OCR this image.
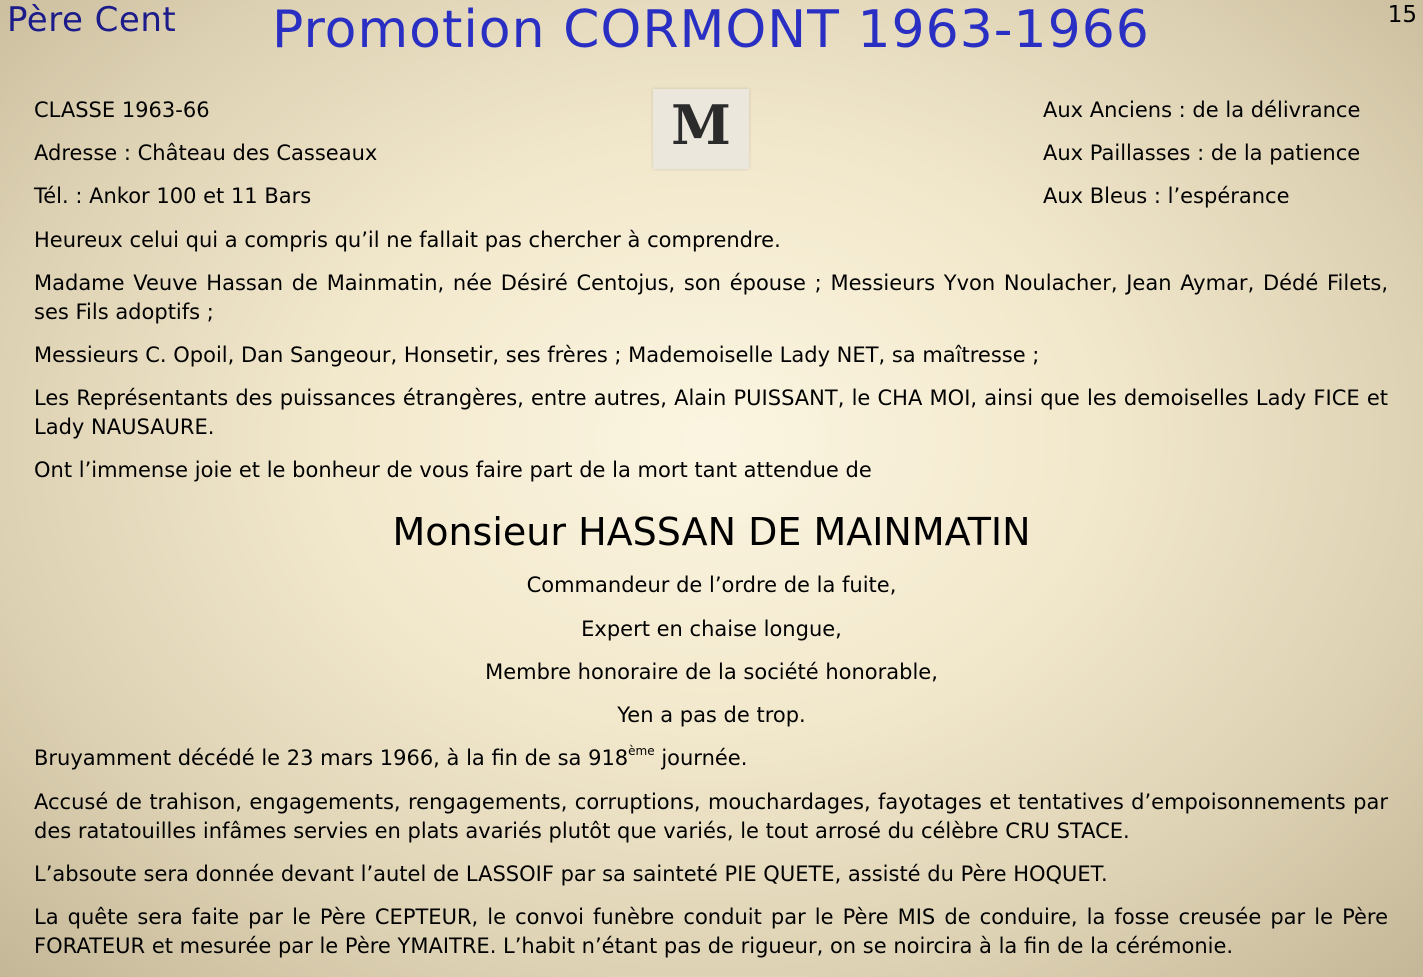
Père Cent Promotion CORMONT 1963-1966	15
M
CLASSE 1963-66
Adresse : Château des Casseaux
Tél. : Ankor 100 et 11 Bars
Aux Anciens : de la délivrance
Aux Paillasses : de la patience
Aux Bleus : l’espérance

Heureux celui qui a compris qu’il ne fallait pas chercher à comprendre.

Madame Veuve Hassan de Mainmatin, née Désiré Centojus, son épouse ; Messieurs Yvon Noulacher, Jean Aymar, Dédé Filets, ses Fils adoptifs ;

Messieurs C. Opoil, Dan Sangeour, Honsetir, ses frères ; Mademoiselle Lady NET, sa maîtresse ;

Les Représentants des puissances étrangères, entre autres, Alain PUISSANT, le CHA MOI, ainsi que les demoiselles Lady FICE et Lady NAUSAURE.

Ont l’immense joie et le bonheur de vous faire part de la mort tant attendue de

Monsieur HASSAN DE MAINMATIN
Commandeur de l’ordre de la fuite,
Expert en chaise longue,
Membre honoraire de la société honorable,
Yen a pas de trop.
Bruyamment décédé le 23 mars 1966, à la fin de sa 918ème journée.

Accusé de trahison, engagements, rengagements, corruptions, mouchardages, fayotages et tentatives d’empoisonnements par des ratatouilles infâmes servies en plats avariés plutôt que variés, le tout arrosé du célèbre CRU STACE.

L’absoute sera donnée devant l’autel de LASSOIF par sa sainteté PIE QUETE, assisté du Père HOQUET.

La quête sera faite par le Père CEPTEUR, le convoi funèbre conduit par le Père MIS de conduire, la fosse creusée par le Père FORATEUR et mesurée par le Père YMAITRE. L’habit n’étant pas de rigueur, on se noircira à la fin de la cérémonie.
